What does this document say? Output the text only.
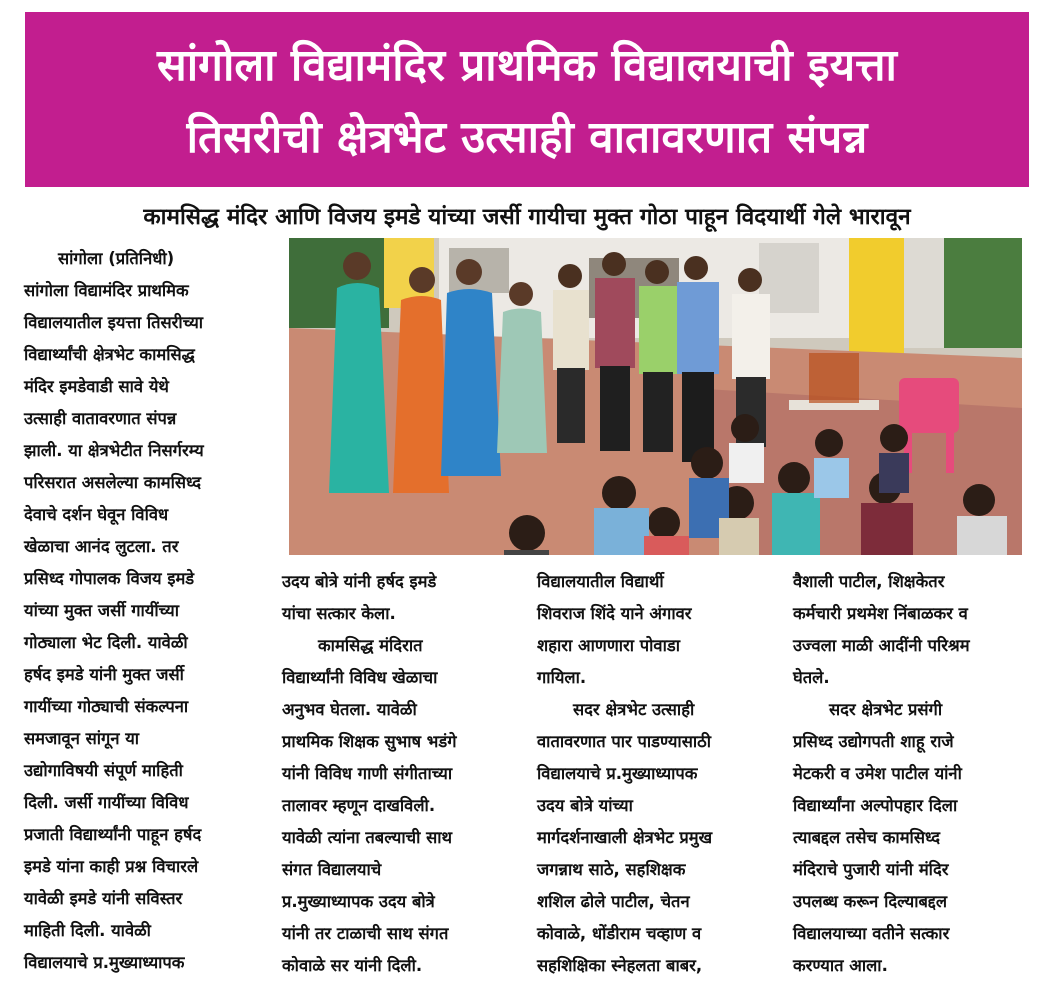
सांगोला विद्यामंदिर प्राथमिक विद्यालयाची इयत्ता
तिसरीची क्षेत्रभेट उत्साही वातावरणात संपन्न
कामसिद्ध मंदिर आणि विजय इमडे यांच्या जर्सी गायीचा मुक्त गोठा पाहून विदयार्थी गेले भारावून
सांगोला (प्रतिनिधी)
सांगोला विद्यामंदिर प्राथमिक
विद्यालयातील इयत्ता तिसरीच्या
विद्यार्थ्यांची क्षेत्रभेट कामसिद्ध
मंदिर इमडेवाडी सावे येथे
उत्साही वातावरणात संपन्न
झाली. या क्षेत्रभेटीत निसर्गरम्य
परिसरात असलेल्या कामसिध्द
देवाचे दर्शन घेवून विविध
खेळाचा आनंद लुटला. तर
प्रसिध्द गोपालक विजय इमडे
यांच्या मुक्त जर्सी गायींच्या
गोठ्याला भेट दिली. यावेळी
हर्षद इमडे यांनी मुक्त जर्सी
गायींच्या गोठ्याची संकल्पना
समजावून सांगून या
उद्योगाविषयी संपूर्ण माहिती
दिली. जर्सी गायींच्या विविध
प्रजाती विद्यार्थ्यांनी पाहून हर्षद
इमडे यांना काही प्रश्न विचारले
यावेळी इमडे यांनी सविस्तर
माहिती दिली. यावेळी
विद्यालयाचे प्र.मुख्याध्यापक
उदय बोत्रे यांनी हर्षद इमडे
यांचा सत्कार केला.
कामसिद्ध मंदिरात
विद्यार्थ्यांनी विविध खेळाचा
अनुभव घेतला. यावेळी
प्राथमिक शिक्षक सुभाष भडंगे
यांनी विविध गाणी संगीताच्या
तालावर म्हणून दाखविली.
यावेळी त्यांना तबल्याची साथ
संगत विद्यालयाचे
प्र.मुख्याध्यापक उदय बोत्रे
यांनी तर टाळाची साथ संगत
कोवाळे सर यांनी दिली.
विद्यालयातील विद्यार्थी
शिवराज शिंदे याने अंगावर
शहारा आणणारा पोवाडा
गायिला.
सदर क्षेत्रभेट उत्साही
वातावरणात पार पाडण्यासाठी
विद्यालयाचे प्र.मुख्याध्यापक
उदय बोत्रे यांच्या
मार्गदर्शनाखाली क्षेत्रभेट प्रमुख
जगन्नाथ साठे, सहशिक्षक
शशिल ढोले पाटील, चेतन
कोवाळे, धोंडीराम चव्हाण व
सहशिक्षिका स्नेहलता बाबर,
वैशाली पाटील, शिक्षकेतर
कर्मचारी प्रथमेश निंबाळकर व
उज्वला माळी आदींनी परिश्रम
घेतले.
सदर क्षेत्रभेट प्रसंगी
प्रसिध्द उद्योगपती शाहू राजे
मेटकरी व उमेश पाटील यांनी
विद्यार्थ्यांना अल्पोपहार दिला
त्याबद्दल तसेच कामसिध्द
मंदिराचे पुजारी यांनी मंदिर
उपलब्ध करून दिल्याबद्दल
विद्यालयाच्या वतीने सत्कार
करण्यात आला.
